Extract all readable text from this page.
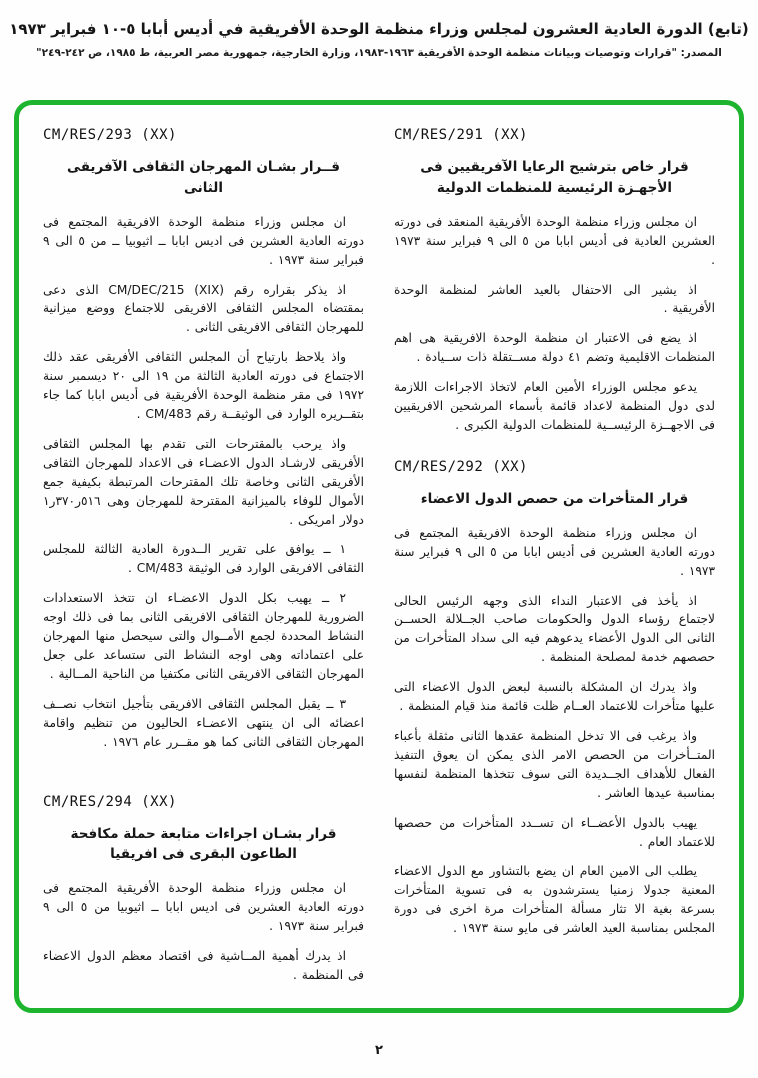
(تابع) الدورة العادية العشرون لمجلس وزراء منظمة الوحدة الأفريقية في أديس أبابا ٥-١٠ فبراير ١٩٧٣
المصدر: "قرارات وتوصيات وبيانات منظمة الوحدة الأفريقية ١٩٦٣-١٩٨٣، وزارة الخارجية، جمهورية مصر العربية، ط ١٩٨٥، ص ٢٤٢-٢٤٩"
CM/RES/291 (XX)
قرار خاص بترشيح الرعايا الآفريقيين فى الأجهـزة الرئيسية للمنظمات الدولية

ان مجلس وزراء منظمة الوحدة الأفريقية المنعقد فى دورته العشرين العادية فى أديس ابابا من ٥ الى ٩ فبراير سنة ١٩٧٣ .

اذ يشير الى الاحتفال بالعيد العاشر لمنظمة الوحدة الأفريقية .

اذ يضع فى الاعتبار ان منظمة الوحدة الافريقية هى اهم المنظمات الاقليمية وتضم ٤١ دولة مســتقلة ذات ســيادة .

يدعو مجلس الوزراء الأمين العام لاتخاذ الاجراءات اللازمة لدى دول المنظمة لاعداد قائمة بأسماء المرشحين الافريقيين فى الاجهــزة الرئيســية للمنظمات الدولية الكبرى .

CM/RES/292 (XX)
قرار المتأخرات من حصص الدول الاعضاء

ان مجلس وزراء منظمة الوحدة الافريقية المجتمع فى دورته العادية العشرين فى أديس ابابا من ٥ الى ٩ فبراير سنة ١٩٧٣ .

اذ يأخذ فى الاعتبار النداء الذى وجهه الرئيس الحالى لاجتماع رؤساء الدول والحكومات صاحب الجــلالة الحســن الثانى الى الدول الأعضاء يدعوهم فيه الى سداد المتأخرات من حصصهم خدمة لمصلحة المنظمة .

واذ يدرك ان المشكلة بالنسبة لبعض الدول الاعضاء التى عليها متأخرات للاعتماد العــام ظلت قائمة منذ قيام المنظمة .

واذ يرغب فى الا تدخل المنظمة عقدها الثانى مثقلة بأعباء المتــأخرات من الحصص الامر الذى يمكن ان يعوق التنفيذ الفعال للأهداف الجــديدة التى سوف تتخذها المنظمة لنفسها بمناسبة عيدها العاشر .

يهيب بالدول الأعضــاء ان تســدد المتأخرات من حصصها للاعتماد العام .

يطلب الى الامين العام ان يضع بالتشاور مع الدول الاعضاء المعنية جدولا زمنيا يسترشدون به فى تسوية المتأخرات بسرعة بغية الا تثار مسألة المتأخرات مرة اخرى فى دورة المجلس بمناسبة العيد العاشر فى مايو سنة ١٩٧٣ .

CM/RES/293 (XX)
قــرار بشـان المهرجان الثقافى الآفريقى الثانى

ان مجلس وزراء منظمة الوحدة الافريقية المجتمع فى دورته العادية العشرين فى اديس ابابا ــ اثيوبيا ــ من ٥ الى ٩ فبراير سنة ١٩٧٣ .

اذ يذكر بقراره رقم CM/DEC/215 (XIX) الذى دعى بمقتضاه المجلس الثقافى الافريقى للاجتماع ووضع ميزانية للمهرجان الثقافى الافريقى الثانى .

واذ يلاحظ بارتياح أن المجلس الثقافى الأفريقى عقد ذلك الاجتماع فى دورته العادية الثالثة من ١٩ الى ٢٠ ديسمبر سنة ١٩٧٢ فى مقر منظمة الوحدة الأفريقية فى أديس ابابا كما جاء بتقــريره الوارد فى الوثيقــة رقم CM/483 .

واذ يرحب بالمقترحات التى تقدم بها المجلس الثقافى الأفريقى لارشـاد الدول الاعضـاء فى الاعداد للمهرجان الثقافى الأفريقى الثانى وخاصة تلك المقترحات المرتبطة بكيفية جمع الأموال للوفاء بالميزانية المقترحة للمهرجان وهى ٥١٦ر٣٧٠ر١ دولار امريكى .

١ ــ يوافق على تقرير الــدورة العادية الثالثة للمجلس الثقافى الافريقى الوارد فى الوثيقة CM/483 .

٢ ــ يهيب بكل الدول الاعضـاء ان تتخذ الاستعدادات الضرورية للمهرجان الثقافى الافريقى الثانى بما فى ذلك اوجه النشاط المحددة لجمع الأمــوال والتى سيحصل منها المهرجان على اعتماداته وهى اوجه النشاط التى ستساعد على جعل المهرجان الثقافى الافريقى الثانى مكتفيا من الناحية المــالية .

٣ ــ يقبل المجلس الثقافى الافريقى بتأجيل انتخاب نصــف اعضائه الى ان ينتهى الاعضـاء الحاليون من تنظيم واقامة المهرجان الثقافى الثانى كما هو مقــرر عام ١٩٧٦ .

CM/RES/294 (XX)
قرار بشـان اجراءات متابعة حملة مكافحة الطاعون البقرى فى افريقيا

ان مجلس وزراء منظمة الوحدة الأفريقية المجتمع فى دورته العادية العشرين فى اديس ابابا ــ اثيوبيا من ٥ الى ٩ فبراير سنة ١٩٧٣ .

اذ يدرك أهمية المــاشية فى اقتصاد معظم الدول الاعضاء فى المنظمة .

٢
